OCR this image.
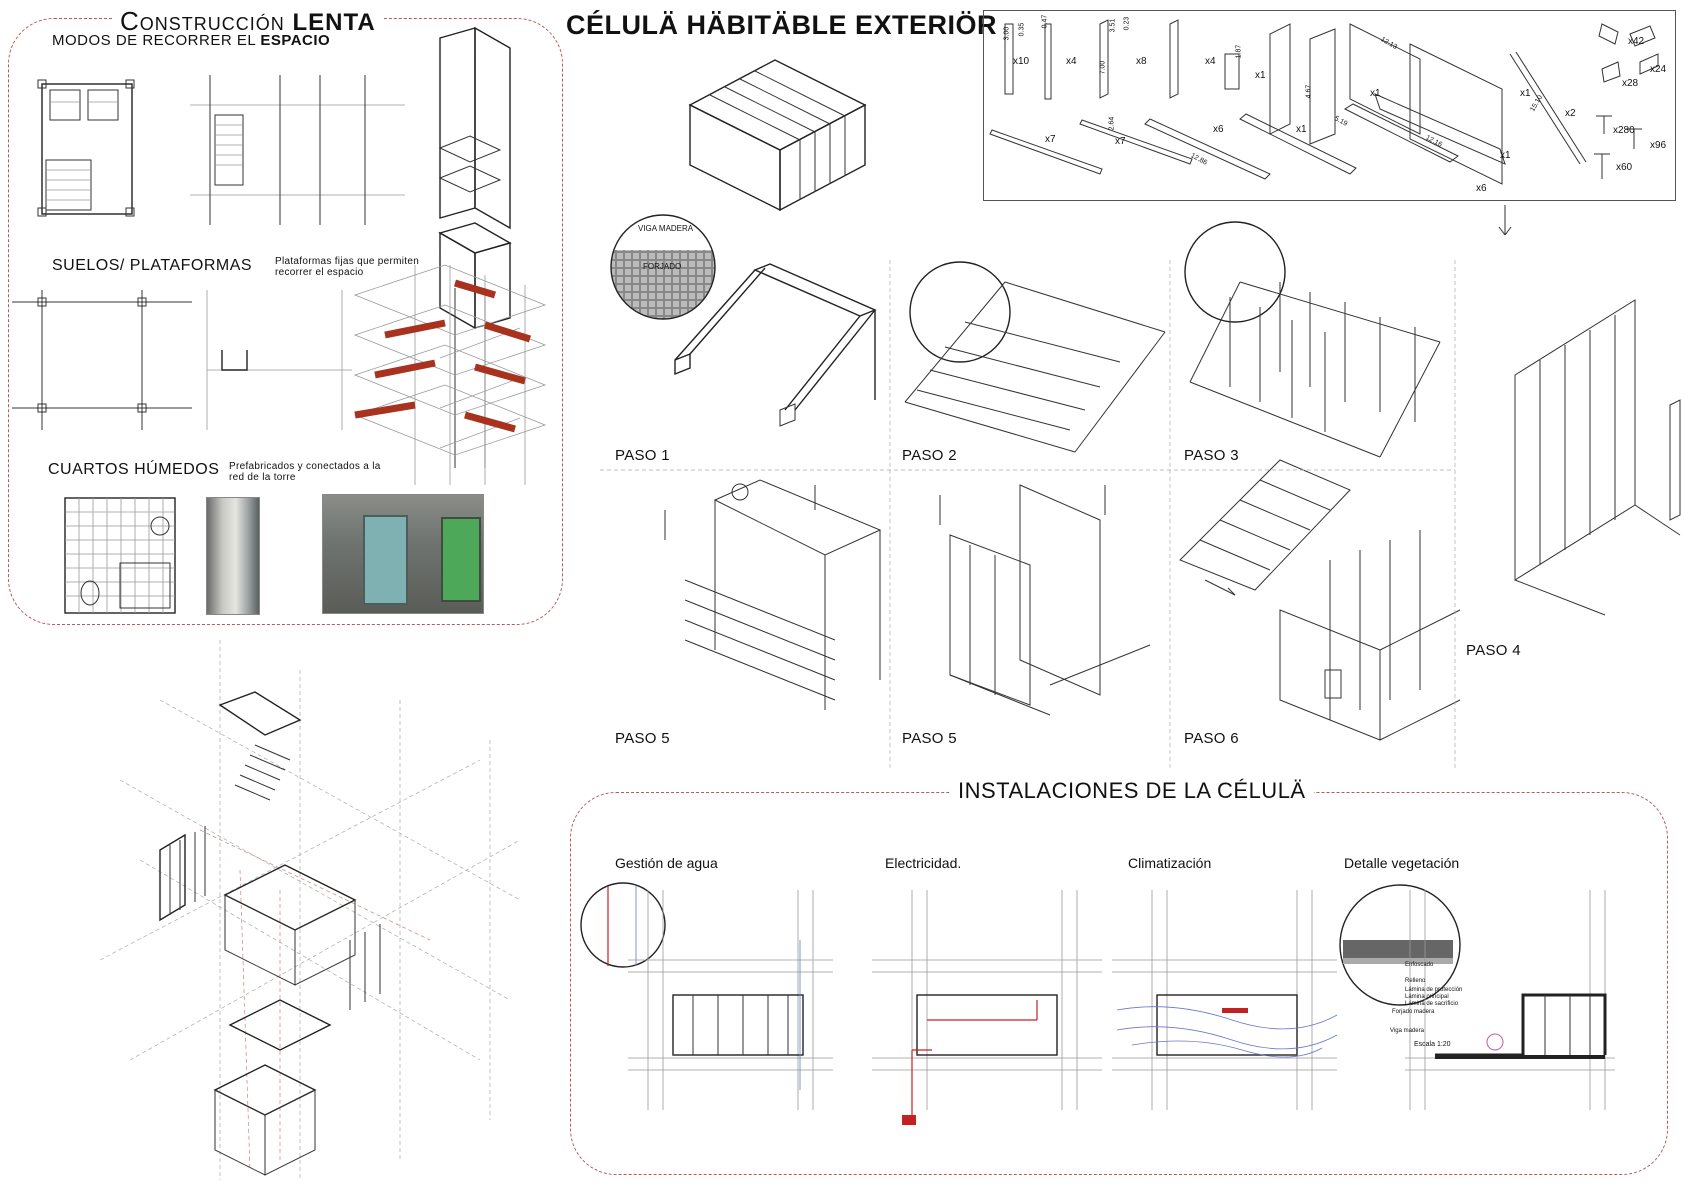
Construcción LENTA
MODOS DE RECORRER EL ESPACIO
SUELOS/ PLATAFORMAS Plataformas fijas que permiten recorrer el espacio
CUARTOS HÚMEDOS Prefabricados y conectados a la red de la torre
CÉLULÄ HÄBITÄBLE EXTERIÖR
x10	x4	x8	x4
x1
x1	x1
x2
x7	x7
x6	x1
x1
x6
x42
x24
x28
x280
x96
x60
3.00 0.35
0.47
7.00
3.51 0.23
1.87
4.67
12.13
15.10
2.64
12.86
12.16
5.19
VIGA MADERA
FORJADO
PASO 1	PASO 2	PASO 3
PASO 4
PASO 5	PASO 5	PASO 6
INSTALACIONES DE LA CÉLULÄ
Gestión de agua	Electricidad.	Climatización	Detalle vegetación
Enfoscado
Relleno
Lámina de protección
Lámina principal
Lámina de sacrificio
Forjado madera
Viga madera
Escala 1:20
